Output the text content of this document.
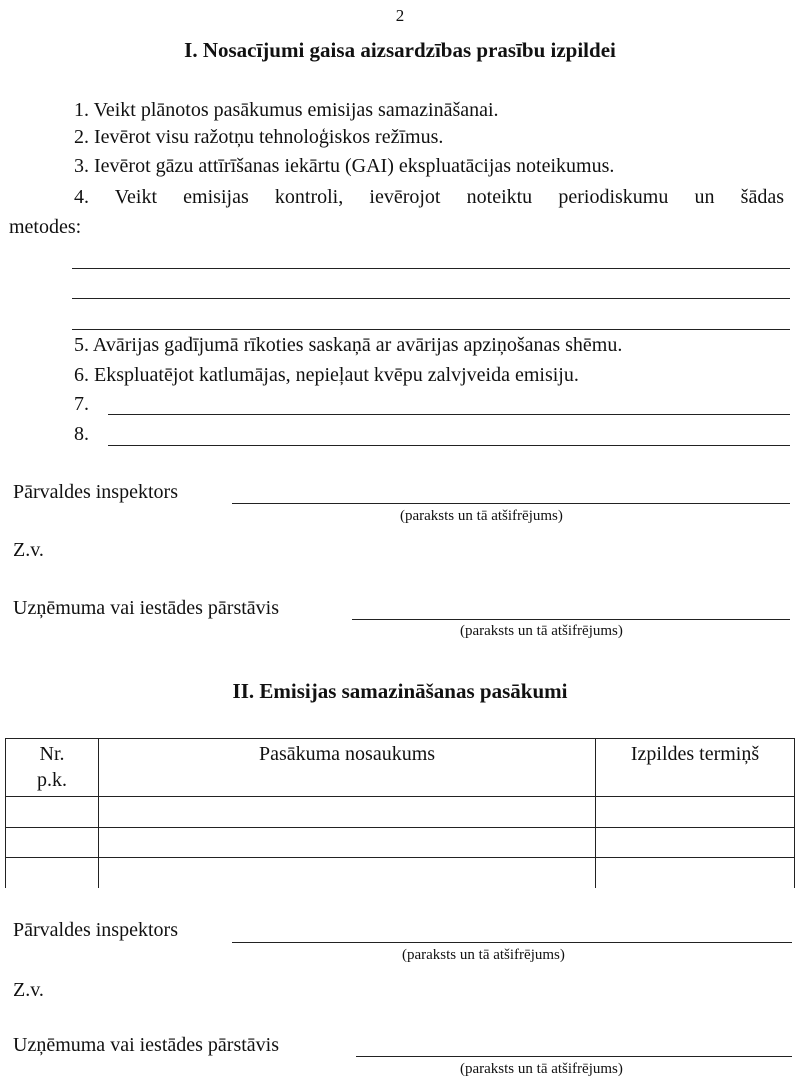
2
I. Nosacījumi gaisa aizsardzības prasību izpildei
1. Veikt plānotos pasākumus emisijas samazināšanai.
2. Ievērot visu ražotņu tehnoloģiskos režīmus.
3. Ievērot gāzu attīrīšanas iekārtu (GAI) ekspluatācijas noteikumus.
4. Veikt emisijas kontroli, ievērojot noteiktu periodiskumu un šādas
metodes:
5. Avārijas gadījumā rīkoties saskaņā ar avārijas apziņošanas shēmu.
6. Ekspluatējot katlumājas, nepieļaut kvēpu zalvjveida emisiju.
7.
8.
Pārvaldes inspektors
(paraksts un tā atšifrējums)
Z.v.
Uzņēmuma vai iestādes pārstāvis
(paraksts un tā atšifrējums)
II. Emisijas samazināšanas pasākumi
Nr.
p.k.	Pasākuma nosaukums	Izpildes termiņš

Pārvaldes inspektors
(paraksts un tā atšifrējums)
Z.v.
Uzņēmuma vai iestādes pārstāvis
(paraksts un tā atšifrējums)
